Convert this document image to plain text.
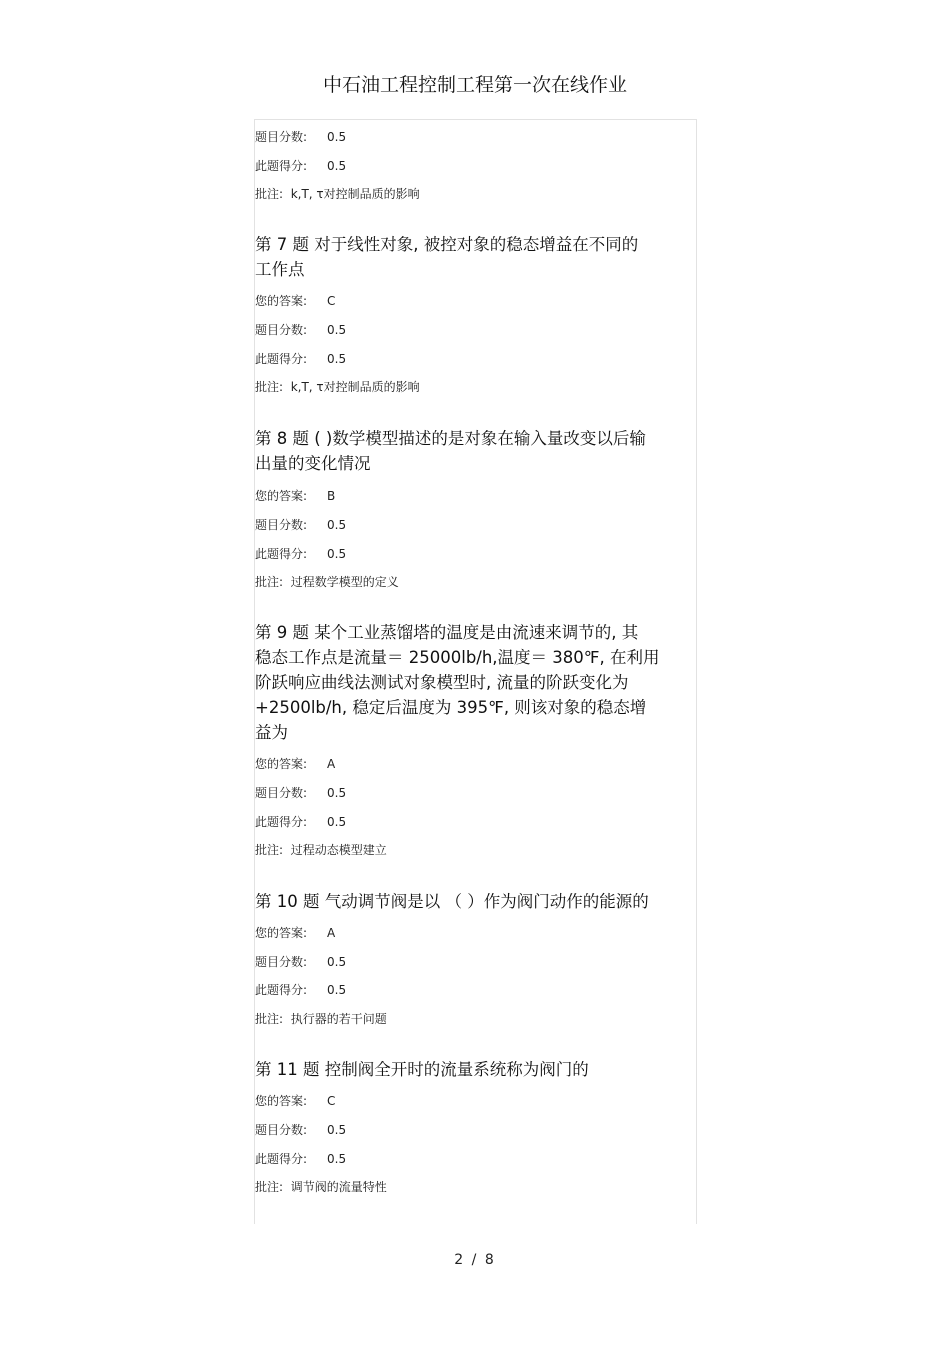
中石油工程控制工程第一次在线作业
题目分数: 0.5
此题得分: 0.5
批注: k,T, τ对控制品质的影响
第 7 题 对于线性对象, 被控对象的稳态增益在不同的
工作点
您的答案: C
题目分数: 0.5
此题得分: 0.5
批注: k,T, τ对控制品质的影响
第 8 题 ( )数学模型描述的是对象在输入量改变以后输
出量的变化情况
您的答案: B
题目分数: 0.5
此题得分: 0.5
批注: 过程数学模型的定义
第 9 题 某个工业蒸馏塔的温度是由流速来调节的, 其
稳态工作点是流量＝ 25000lb/h,温度＝ 380℉, 在利用
阶跃响应曲线法测试对象模型时, 流量的阶跃变化为
+2500lb/h, 稳定后温度为 395℉, 则该对象的稳态增
益为
您的答案: A
题目分数: 0.5
此题得分: 0.5
批注: 过程动态模型建立
第 10 题 气动调节阀是以 （ ）作为阀门动作的能源的
您的答案: A
题目分数: 0.5
此题得分: 0.5
批注: 执行器的若干问题
第 11 题 控制阀全开时的流量系统称为阀门的
您的答案: C
题目分数: 0.5
此题得分: 0.5
批注: 调节阀的流量特性
2 / 8
